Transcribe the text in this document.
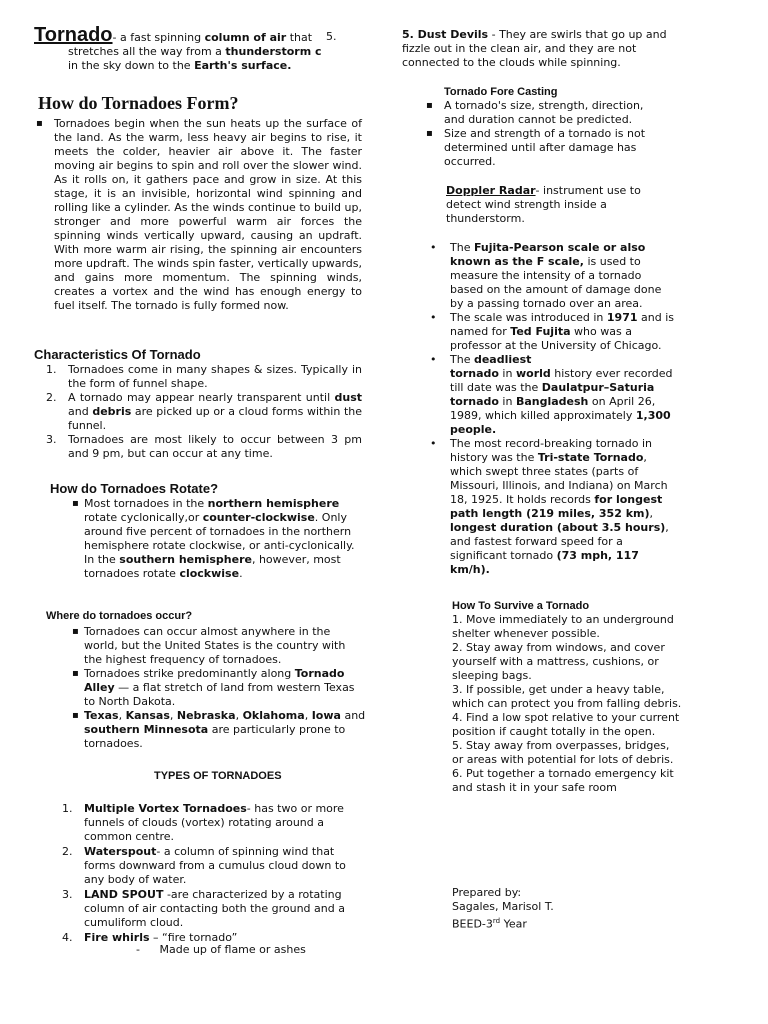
Tornado- a fast spinning column of air that
stretches all the way from a thunderstorm c
in the sky down to the Earth's surface.
5.
How do Tornadoes Form?
▪ Tornadoes begin when the sun heats up the surface of the land. As the warm, less heavy air begins to rise, it meets the colder, heavier air above it. The faster moving air begins to spin and roll over the slower wind. As it rolls on, it gathers pace and grow in size. At this stage, it is an invisible, horizontal wind spinning and rolling like a cylinder. As the winds continue to build up, stronger and more powerful warm air forces the spinning winds vertically upward, causing an updraft. With more warm air rising, the spinning air encounters more updraft. The winds spin faster, vertically upwards, and gains more momentum. The spinning winds, creates a vortex and the wind has enough energy to fuel itself. The tornado is fully formed now.
Characteristics Of Tornado
1. Tornadoes come in many shapes & sizes. Typically in the form of funnel shape.
2. A tornado may appear nearly transparent until dust and debris are picked up or a cloud forms within the funnel.
3. Tornadoes are most likely to occur between 3 pm and 9 pm, but can occur at any time.
How do Tornadoes Rotate?
▪ Most tornadoes in the northern hemisphere rotate cyclonically,or counter-clockwise. Only around five percent of tornadoes in the northern hemisphere rotate clockwise, or anti-cyclonically. In the southern hemisphere, however, most tornadoes rotate clockwise.
Where do tornadoes occur?
▪ Tornadoes can occur almost anywhere in the world, but the United States is the country with the highest frequency of tornadoes.
▪ Tornadoes strike predominantly along Tornado Alley — a flat stretch of land from western Texas to North Dakota.
▪ Texas, Kansas, Nebraska, Oklahoma, Iowa and southern Minnesota are particularly prone to tornadoes.
TYPES OF TORNADOES
1. Multiple Vortex Tornadoes- has two or more funnels of clouds (vortex) rotating around a common centre.
2. Waterspout- a column of spinning wind that forms downward from a cumulus cloud down to any body of water.
3. LAND SPOUT -are characterized by a rotating column of air contacting both the ground and a cumuliform cloud.
4. Fire whirls – “fire tornado”
- Made up of flame or ashes
5. Dust Devils - They are swirls that go up and fizzle out in the clean air, and they are not connected to the clouds while spinning.
Tornado Fore Casting
▪ A tornado's size, strength, direction, and duration cannot be predicted.
▪ Size and strength of a tornado is not determined until after damage has occurred.
Doppler Radar- instrument use to detect wind strength inside a thunderstorm.
• The Fujita-Pearson scale or also known as the F scale, is used to measure the intensity of a tornado based on the amount of damage done by a passing tornado over an area.
• The scale was introduced in 1971 and is named for Ted Fujita who was a professor at the University of Chicago.
• The deadliest
tornado in world history ever recorded till date was the Daulatpur–Saturia tornado in Bangladesh on April 26, 1989, which killed approximately 1,300 people.
• The most record-breaking tornado in history was the Tri-state Tornado, which swept three states (parts of Missouri, Illinois, and Indiana) on March 18, 1925. It holds records for longest path length (219 miles, 352 km), longest duration (about 3.5 hours), and fastest forward speed for a significant tornado (73 mph, 117 km/h).
How To Survive a Tornado
1. Move immediately to an underground shelter whenever possible.
2. Stay away from windows, and cover yourself with a mattress, cushions, or sleeping bags.
3. If possible, get under a heavy table, which can protect you from falling debris.
4. Find a low spot relative to your current position if caught totally in the open.
5. Stay away from overpasses, bridges, or areas with potential for lots of debris.
6. Put together a tornado emergency kit and stash it in your safe room
Prepared by:
Sagales, Marisol T.
BEED-3rd Year
